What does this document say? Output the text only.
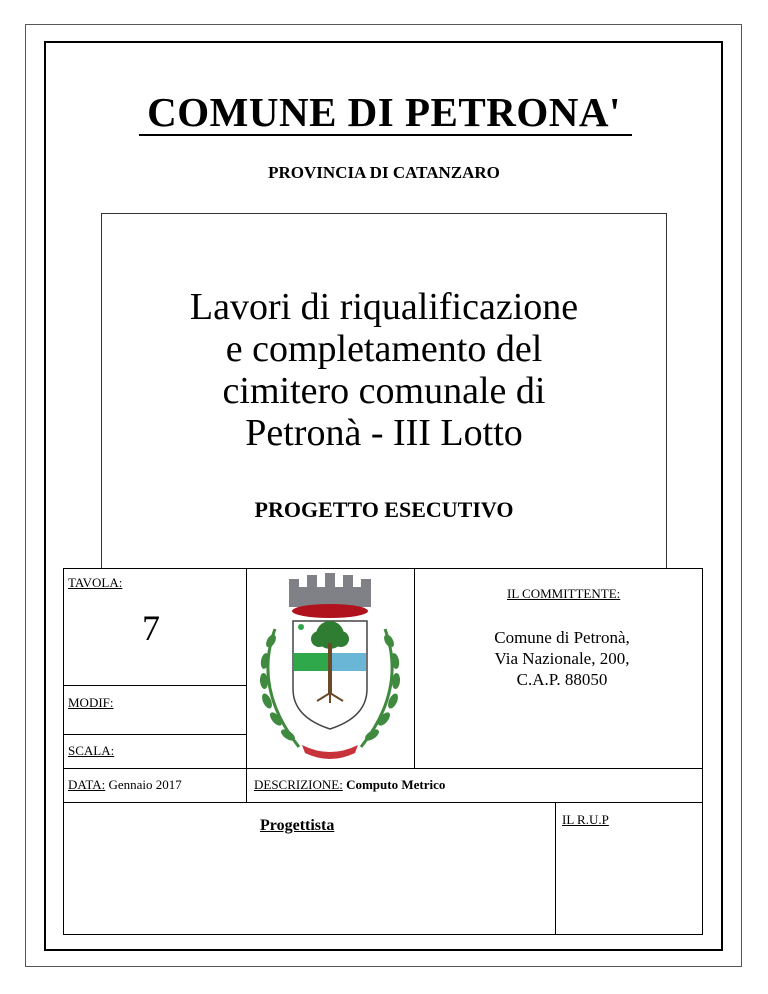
COMUNE DI PETRONA'
PROVINCIA DI CATANZARO
Lavori di riqualificazione
e completamento del
cimitero comunale di
Petronà - III Lotto
PROGETTO ESECUTIVO
TAVOLA:
7
MODIF:
SCALA:
DATA: Gennaio 2017	DESCRIZIONE: Computo Metrico
IL COMMITTENTE:
Comune di Petronà,
Via Nazionale, 200,
C.A.P. 88050
Progettista	IL R.U.P
